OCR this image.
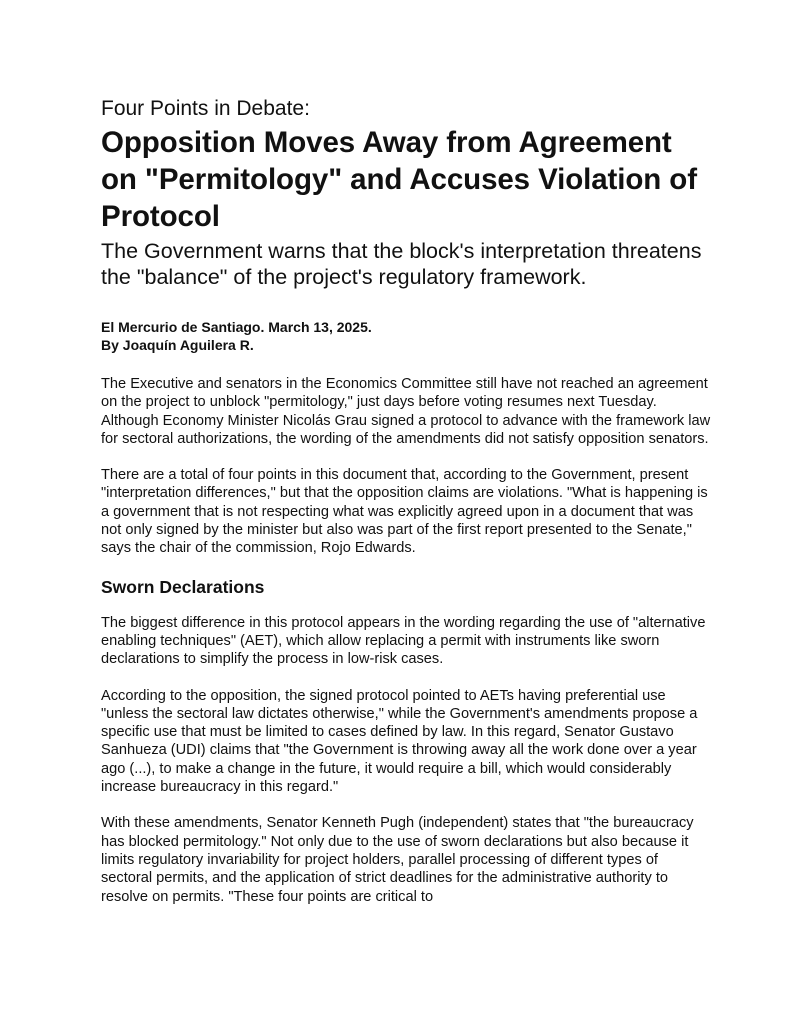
Four Points in Debate:
Opposition Moves Away from Agreement on "Permitology" and Accuses Violation of Protocol
The Government warns that the block's interpretation threatens the "balance" of the project's regulatory framework.
El Mercurio de Santiago. March 13, 2025.
By Joaquín Aguilera R.

The Executive and senators in the Economics Committee still have not reached an agreement on the project to unblock "permitology," just days before voting resumes next Tuesday. Although Economy Minister Nicolás Grau signed a protocol to advance with the framework law for sectoral authorizations, the wording of the amendments did not satisfy opposition senators.

There are a total of four points in this document that, according to the Government, present "interpretation differences," but that the opposition claims are violations. "What is happening is a government that is not respecting what was explicitly agreed upon in a document that was not only signed by the minister but also was part of the first report presented to the Senate," says the chair of the commission, Rojo Edwards.

Sworn Declarations

The biggest difference in this protocol appears in the wording regarding the use of "alternative enabling techniques" (AET), which allow replacing a permit with instruments like sworn declarations to simplify the process in low-risk cases.

According to the opposition, the signed protocol pointed to AETs having preferential use "unless the sectoral law dictates otherwise," while the Government's amendments propose a specific use that must be limited to cases defined by law. In this regard, Senator Gustavo Sanhueza (UDI) claims that "the Government is throwing away all the work done over a year ago (...), to make a change in the future, it would require a bill, which would considerably increase bureaucracy in this regard."

With these amendments, Senator Kenneth Pugh (independent) states that "the bureaucracy has blocked permitology." Not only due to the use of sworn declarations but also because it limits regulatory invariability for project holders, parallel processing of different types of sectoral permits, and the application of strict deadlines for the administrative authority to resolve on permits. "These four points are critical to
